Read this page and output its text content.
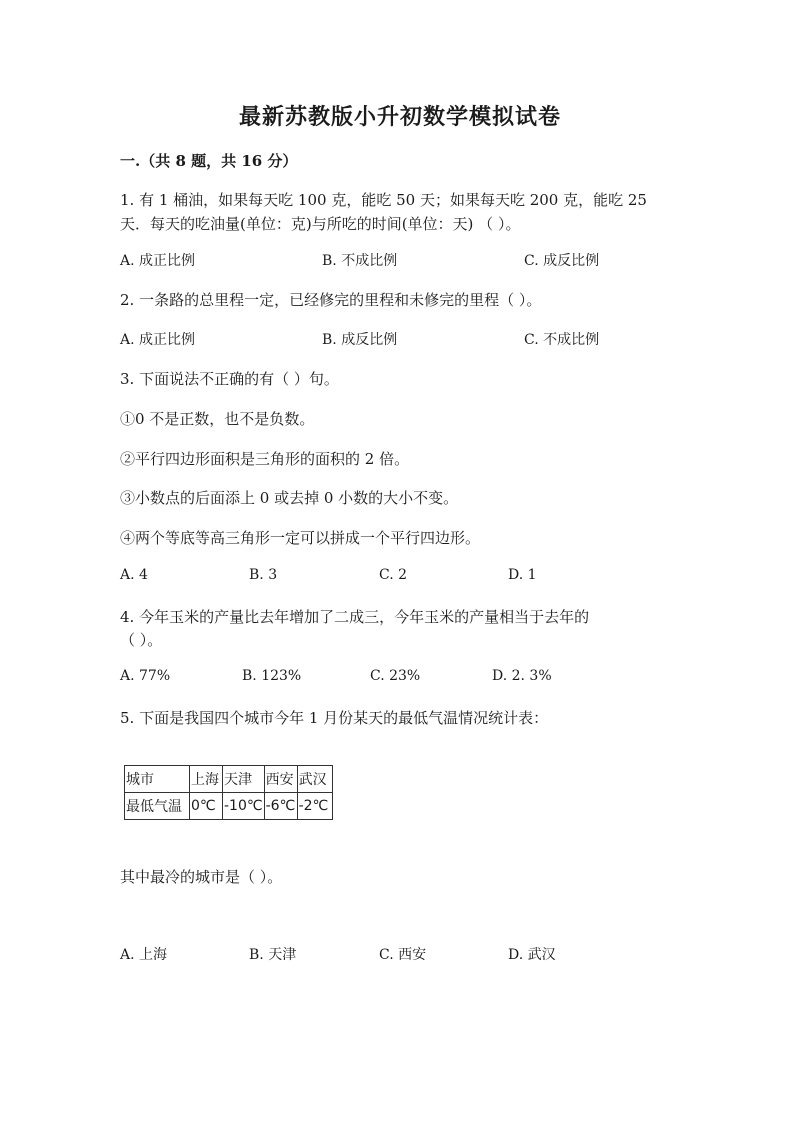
最新苏教版小升初数学模拟试卷
一.（共 8 题，共 16 分）
1. 有 1 桶油，如果每天吃 100 克，能吃 50 天；如果每天吃 200 克，能吃 25
天．每天的吃油量(单位：克)与所吃的时间(单位：天) （ ）。
A. 成正比例	B. 不成比例	C. 成反比例
2. 一条路的总里程一定，已经修完的里程和未修完的里程（ ）。
A. 成正比例	B. 成反比例	C. 不成比例
3. 下面说法不正确的有（ ）句。
①0 不是正数，也不是负数。
②平行四边形面积是三角形的面积的 2 倍。
③小数点的后面添上 0 或去掉 0 小数的大小不变。
④两个等底等高三角形一定可以拼成一个平行四边形。
A. 4	B. 3	C. 2	D. 1
4. 今年玉米的产量比去年增加了二成三，今年玉米的产量相当于去年的
（ ）。
A. 77%	B. 123%	C. 23%	D. 2. 3%
5. 下面是我国四个城市今年 1 月份某天的最低气温情况统计表：
城市	上海	天津	西安	武汉
最低气温	0℃	-10℃	-6℃	-2℃
其中最冷的城市是（ ）。
A. 上海	B. 天津	C. 西安	D. 武汉
